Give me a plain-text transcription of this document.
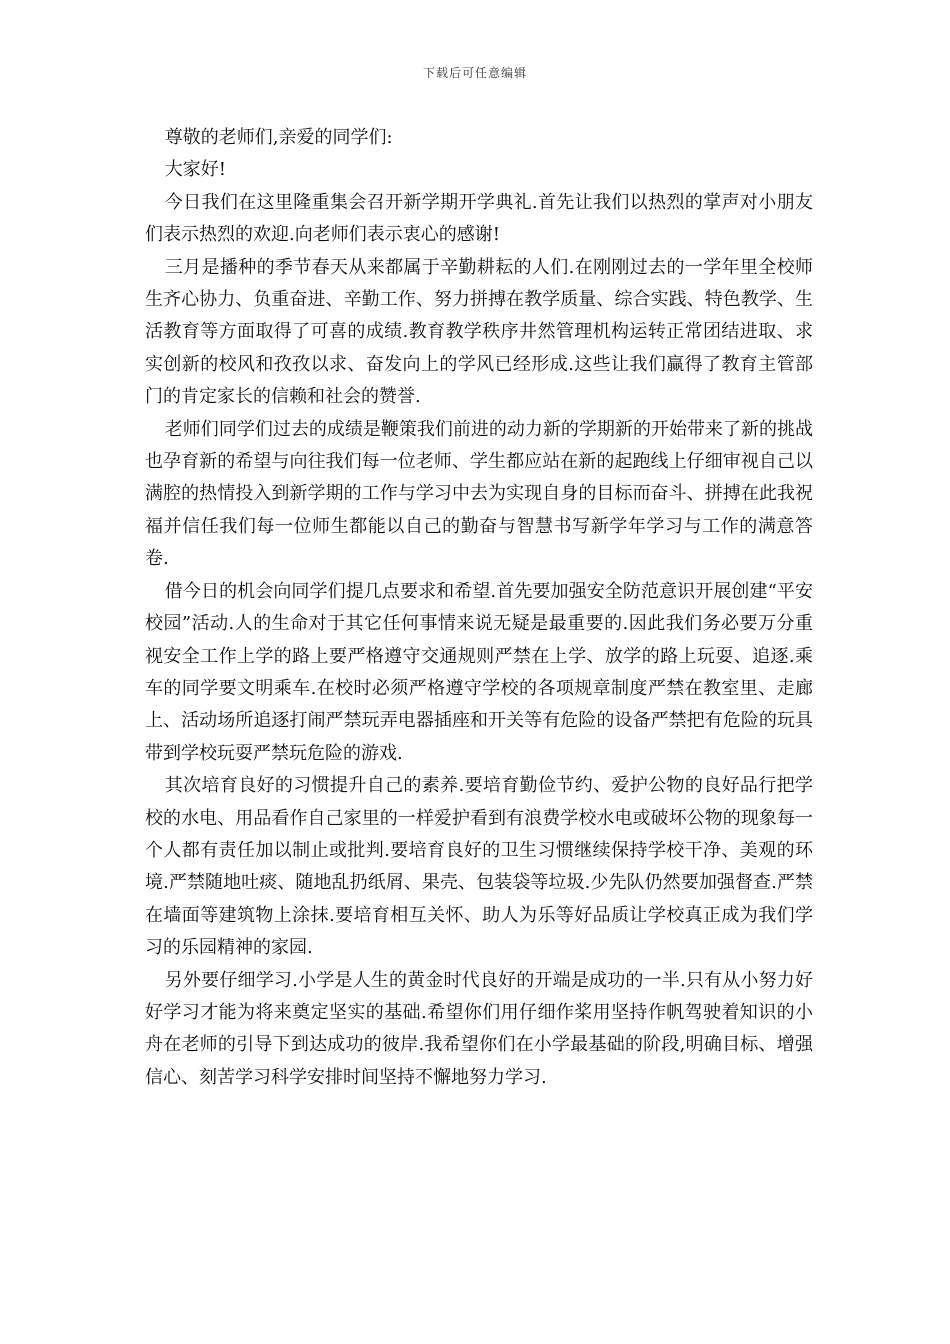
下载后可任意编辑

尊敬的老师们,亲爱的同学们:

大家好!

今日我们在这里隆重集会召开新学期开学典礼.首先让我们以热烈的掌声对小朋友们表示热烈的欢迎.向老师们表示衷心的感谢!

三月是播种的季节春天从来都属于辛勤耕耘的人们.在刚刚过去的一学年里全校师生齐心协力、负重奋进、辛勤工作、努力拼搏在教学质量、综合实践、特色教学、生活教育等方面取得了可喜的成绩.教育教学秩序井然管理机构运转正常团结进取、求实创新的校风和孜孜以求、奋发向上的学风已经形成.这些让我们赢得了教育主管部门的肯定家长的信赖和社会的赞誉.

老师们同学们过去的成绩是鞭策我们前进的动力新的学期新的开始带来了新的挑战也孕育新的希望与向往我们每一位老师、学生都应站在新的起跑线上仔细审视自己以满腔的热情投入到新学期的工作与学习中去为实现自身的目标而奋斗、拼搏在此我祝福并信任我们每一位师生都能以自己的勤奋与智慧书写新学年学习与工作的满意答卷.

借今日的机会向同学们提几点要求和希望.首先要加强安全防范意识开展创建“平安校园”活动.人的生命对于其它任何事情来说无疑是最重要的.因此我们务必要万分重视安全工作上学的路上要严格遵守交通规则严禁在上学、放学的路上玩耍、追逐.乘车的同学要文明乘车.在校时必须严格遵守学校的各项规章制度严禁在教室里、走廊上、活动场所追逐打闹严禁玩弄电器插座和开关等有危险的设备严禁把有危险的玩具带到学校玩耍严禁玩危险的游戏.

其次培育良好的习惯提升自己的素养.要培育勤俭节约、爱护公物的良好品行把学校的水电、用品看作自己家里的一样爱护看到有浪费学校水电或破坏公物的现象每一个人都有责任加以制止或批判.要培育良好的卫生习惯继续保持学校干净、美观的环境.严禁随地吐痰、随地乱扔纸屑、果壳、包装袋等垃圾.少先队仍然要加强督查.严禁在墙面等建筑物上涂抹.要培育相互关怀、助人为乐等好品质让学校真正成为我们学习的乐园精神的家园.

另外要仔细学习.小学是人生的黄金时代良好的开端是成功的一半.只有从小努力好好学习才能为将来奠定坚实的基础.希望你们用仔细作桨用坚持作帆驾驶着知识的小舟在老师的引导下到达成功的彼岸.我希望你们在小学最基础的阶段,明确目标、增强信心、刻苦学习科学安排时间坚持不懈地努力学习.
